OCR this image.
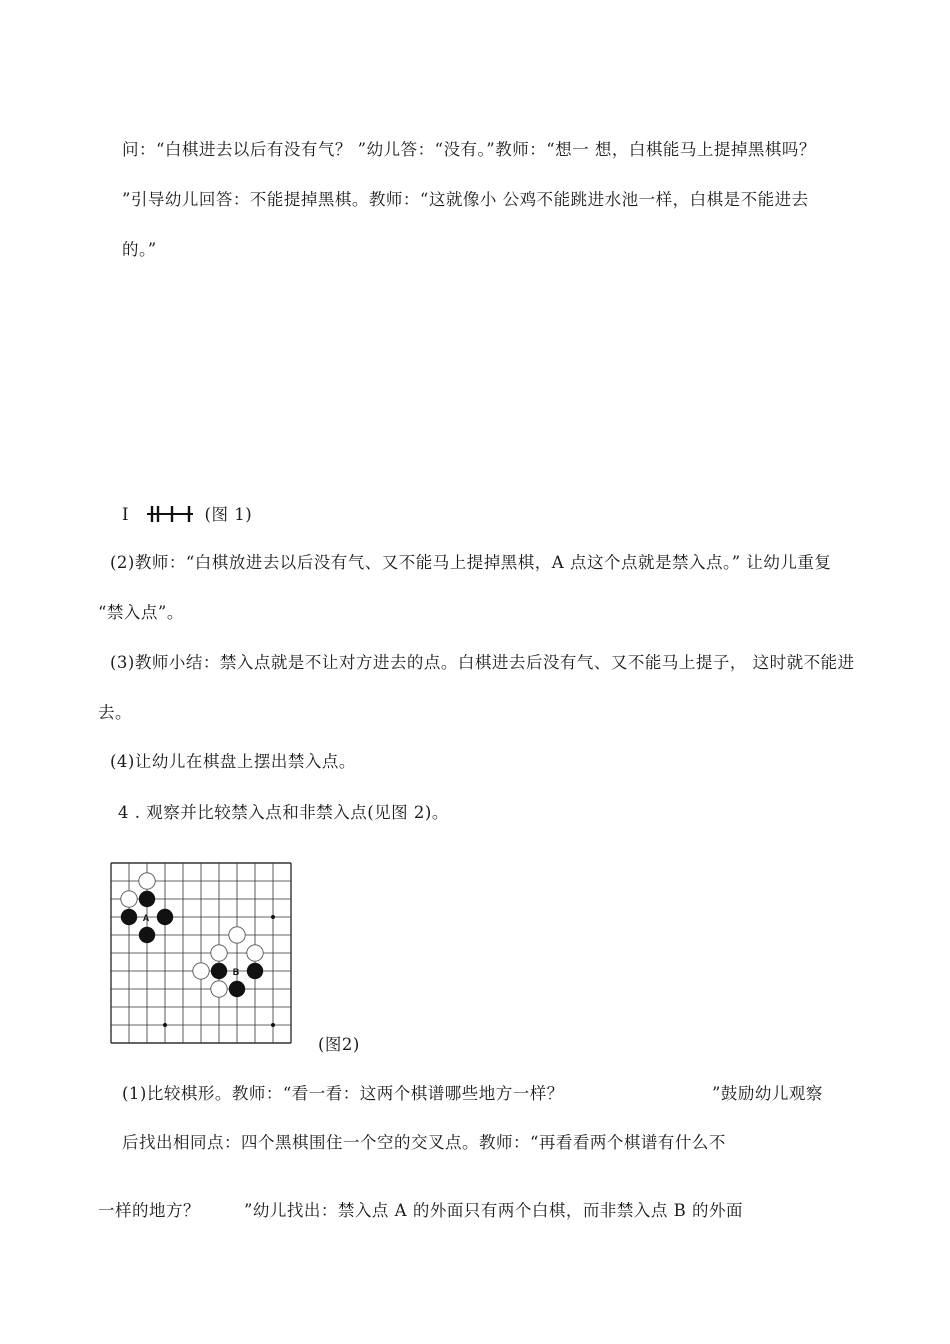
问：“白棋进去以后有没有气？ ”幼儿答：“没有。”教师：“想一 想，白棋能马上提掉黑棋吗？
”引导幼儿回答：不能提掉黑棋。教师：“这就像小 公鸡不能跳进水池一样，白棋是不能进去
的。”
I	(图 1)
(2)教师：“白棋放进去以后没有气、又不能马上提掉黑棋，A 点这个点就是禁入点。” 让幼儿重复
“禁入点”。
(3)教师小结：禁入点就是不让对方进去的点。白棋进去后没有气、又不能马上提子， 这时就不能进
去。
(4)让幼儿在棋盘上摆出禁入点。
4 . 观察并比较禁入点和非禁入点(见图 2)。
A
B
(图2)
(1)比较棋形。教师：“看一看：这两个棋谱哪些地方一样？	”鼓励幼儿观察
后找出相同点：四个黑棋围住一个空的交叉点。教师：“再看看两个棋谱有什么不
一样的地方？	”幼儿找出：禁入点 A 的外面只有两个白棋，而非禁入点 B 的外面
